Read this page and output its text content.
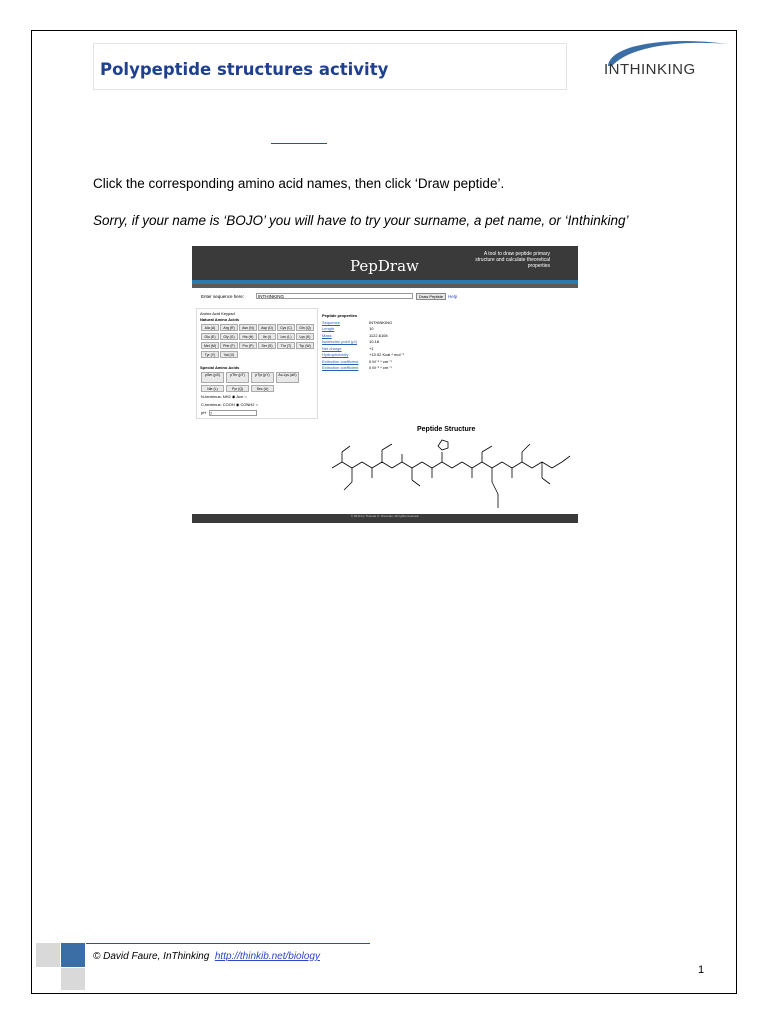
Polypeptide structures activity	INTHINKING
Click the corresponding amino acid names, then click ‘Draw peptide’.
Sorry, if your name is ‘BOJO’ you will have to try your surname, a pet name, or ‘Inthinking’
PepDraw
A tool to draw peptide primary structure and calculate theoretical properties
Enter sequence here:	INTHINKING	Draw Peptide	Help
Amino Acid Keypad
Natural Amino Acids
Ala (A)	Arg (R)	Asn (N)	Asp (D)	Cys (C)	Gln (Q)
Glu (E)	Gly (G)	His (H)	Ile (I)	Leu (L)	Lys (K)
Met (M)	Phe (F)	Pro (P)	Ser (S)	Thr (T)	Trp (W)
Tyr (Y)	Val (V)
Special Amino Acids
pSer (pS)	pThr (pT)	pTyr (pY)	Ac-Lys (aK)
Nle (L)	Pyr (Q)	Sec (U)
N-terminus: NH2 ◉ Ace ○
C-terminus: COOH ◉ CONH2 ○
pH 7
Peptide properties
Sequence	INTHINKING
Length	10
Mass	1122.6108
Isoelectric point (pI)	10.18
Net charge	+1
Hydrophobicity	+13.02 Kcal * mol⁻¹
Extinction coefficient	0 M⁻¹ * cm⁻¹
Extinction coefficient	0 M⁻¹ * cm⁻¹
Peptide Structure
© 2014 by Thomas C. Freeman. All rights reserved.
© David Faure, InThinking http://thinkib.net/biology
1
